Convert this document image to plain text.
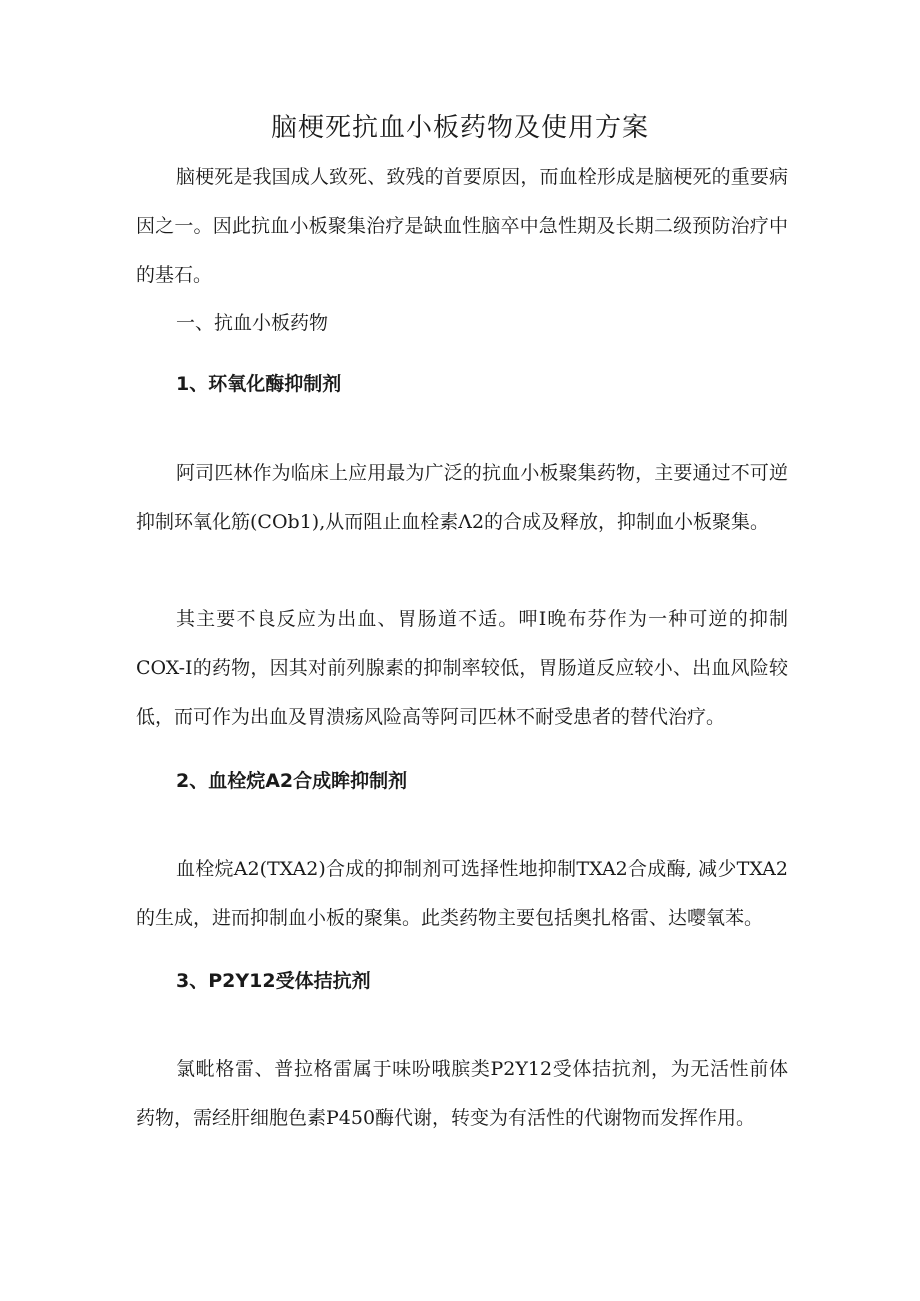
脑梗死抗血小板药物及使用方案

脑梗死是我国成人致死、致残的首要原因，而血栓形成是脑梗死的重要病因之一。因此抗血小板聚集治疗是缺血性脑卒中急性期及长期二级预防治疗中的基石。

一、抗血小板药物

1、环氧化酶抑制剂

阿司匹林作为临床上应用最为广泛的抗血小板聚集药物，主要通过不可逆抑制环氧化筋(COb1),从而阻止血栓素Λ2的合成及释放，抑制血小板聚集。

其主要不良反应为出血、胃肠道不适。呷I晚布芬作为一种可逆的抑制COX-I的药物，因其对前列腺素的抑制率较低，胃肠道反应较小、出血风险较低，而可作为出血及胃溃疡风险高等阿司匹林不耐受患者的替代治疗。

2、血栓烷A2合成眸抑制剂

血栓烷A2(TXA2)合成的抑制剂可选择性地抑制TXA2合成酶, 减少TXA2的生成，进而抑制血小板的聚集。此类药物主要包括奥扎格雷、达嘤氧苯。

3、P2Y12受体拮抗剂

氯毗格雷、普拉格雷属于味吩哦膑类P2Y12受体拮抗剂，为无活性前体药物，需经肝细胞色素P450酶代谢，转变为有活性的代谢物而发挥作用。
